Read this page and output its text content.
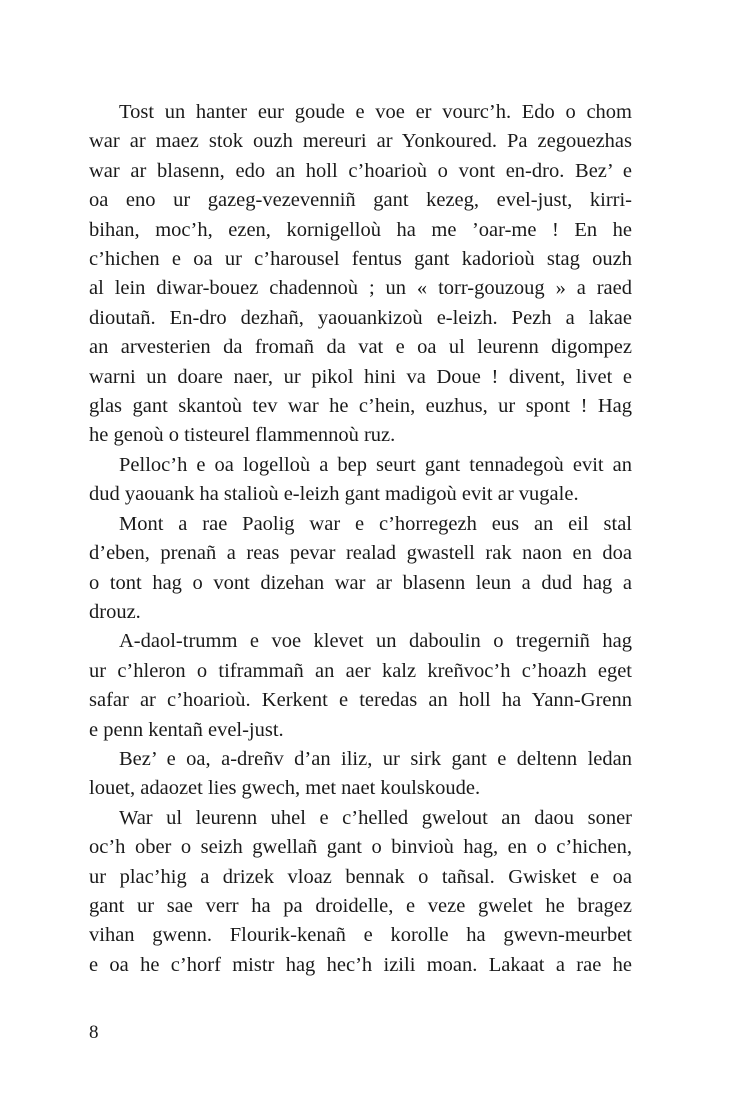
Tost un hanter eur goude e voe er vourc’h. Edo o chom
war ar maez stok ouzh mereuri ar Yonkoured. Pa zegouezhas
war ar blasenn, edo an holl c’hoarioù o vont en-dro. Bez’ e
oa eno ur gazeg-vezevenniñ gant kezeg, evel-just, kirri-
bihan, moc’h, ezen, kornigelloù ha me ’oar-me ! En he
c’hichen e oa ur c’harousel fentus gant kadorioù stag ouzh
al lein diwar-bouez chadennoù ; un « torr-gouzoug » a raed
dioutañ. En-dro dezhañ, yaouankizoù e-leizh. Pezh a lakae
an arvesterien da fromañ da vat e oa ul leurenn digompez
warni un doare naer, ur pikol hini va Doue ! divent, livet e
glas gant skantoù tev war he c’hein, euzhus, ur spont ! Hag
he genoù o tisteurel flammennoù ruz.

Pelloc’h e oa logelloù a bep seurt gant tennadegoù evit an
dud yaouank ha stalioù e-leizh gant madigoù evit ar vugale.

Mont a rae Paolig war e c’horregezh eus an eil stal
d’eben, prenañ a reas pevar realad gwastell rak naon en doa
o tont hag o vont dizehan war ar blasenn leun a dud hag a
drouz.

A-daol-trumm e voe klevet un daboulin o tregerniñ hag
ur c’hleron o tiframmañ an aer kalz kreñvoc’h c’hoazh eget
safar ar c’hoarioù. Kerkent e teredas an holl ha Yann-Grenn
e penn kentañ evel-just.

Bez’ e oa, a-dreñv d’an iliz, ur sirk gant e deltenn ledan
louet, adaozet lies gwech, met naet koulskoude.

War ul leurenn uhel e c’helled gwelout an daou soner
oc’h ober o seizh gwellañ gant o binvioù hag, en o c’hichen,
ur plac’hig a drizek vloaz bennak o tañsal. Gwisket e oa
gant ur sae verr ha pa droidelle, e veze gwelet he bragez
vihan gwenn. Flourik-kenañ e korolle ha gwevn-meurbet
e oa he c’horf mistr hag hec’h izili moan. Lakaat a rae he

8
